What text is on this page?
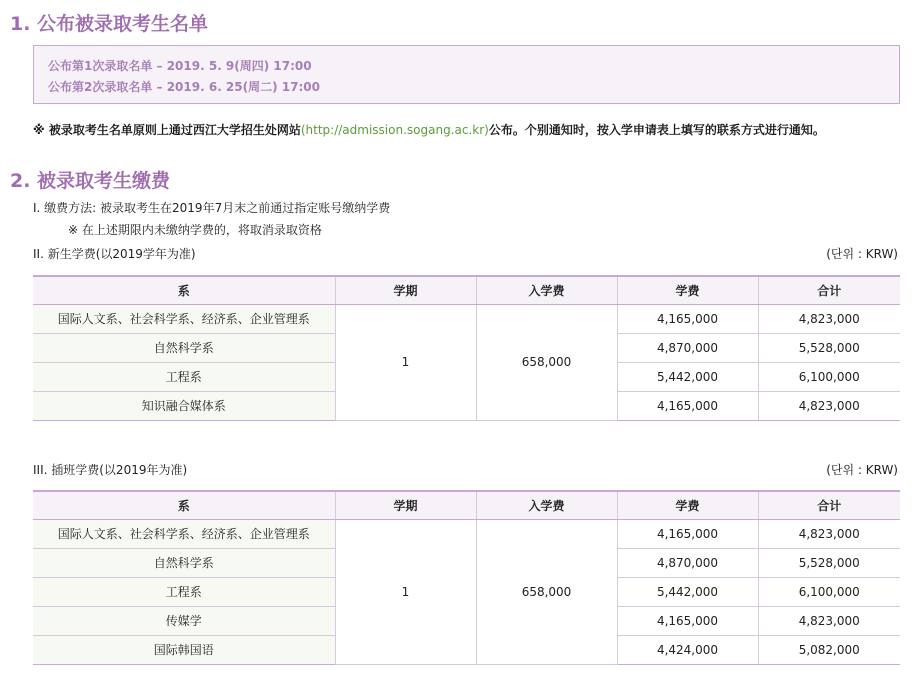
1. 公布被录取考生名单
公布第1次录取名单 – 2019. 5. 9(周四) 17:00
公布第2次录取名单 – 2019. 6. 25(周二) 17:00
※ 被录取考生名单原则上通过西江大学招生处网站(http://admission.sogang.ac.kr)公布。个别通知时，按入学申请表上填写的联系方式进行通知。
2. 被录取考生缴费
I. 缴费方法: 被录取考生在2019年7月末之前通过指定账号缴纳学费
※ 在上述期限内未缴纳学费的，将取消录取资格
II. 新生学费(以2019学年为准)	(단위 : KRW)
系	学期	入学费	学费	合计
国际人文系、社会科学系、经济系、企业管理系	1	658,000	4,165,000	4,823,000
自然科学系			4,870,000	5,528,000
工程系			5,442,000	6,100,000
知识融合媒体系			4,165,000	4,823,000
III. 插班学费(以2019年为准)	(단위 : KRW)
系	学期	入学费	学费	合计
国际人文系、社会科学系、经济系、企业管理系	1	658,000	4,165,000	4,823,000
自然科学系			4,870,000	5,528,000
工程系			5,442,000	6,100,000
传媒学			4,165,000	4,823,000
国际韩国语			4,424,000	5,082,000
